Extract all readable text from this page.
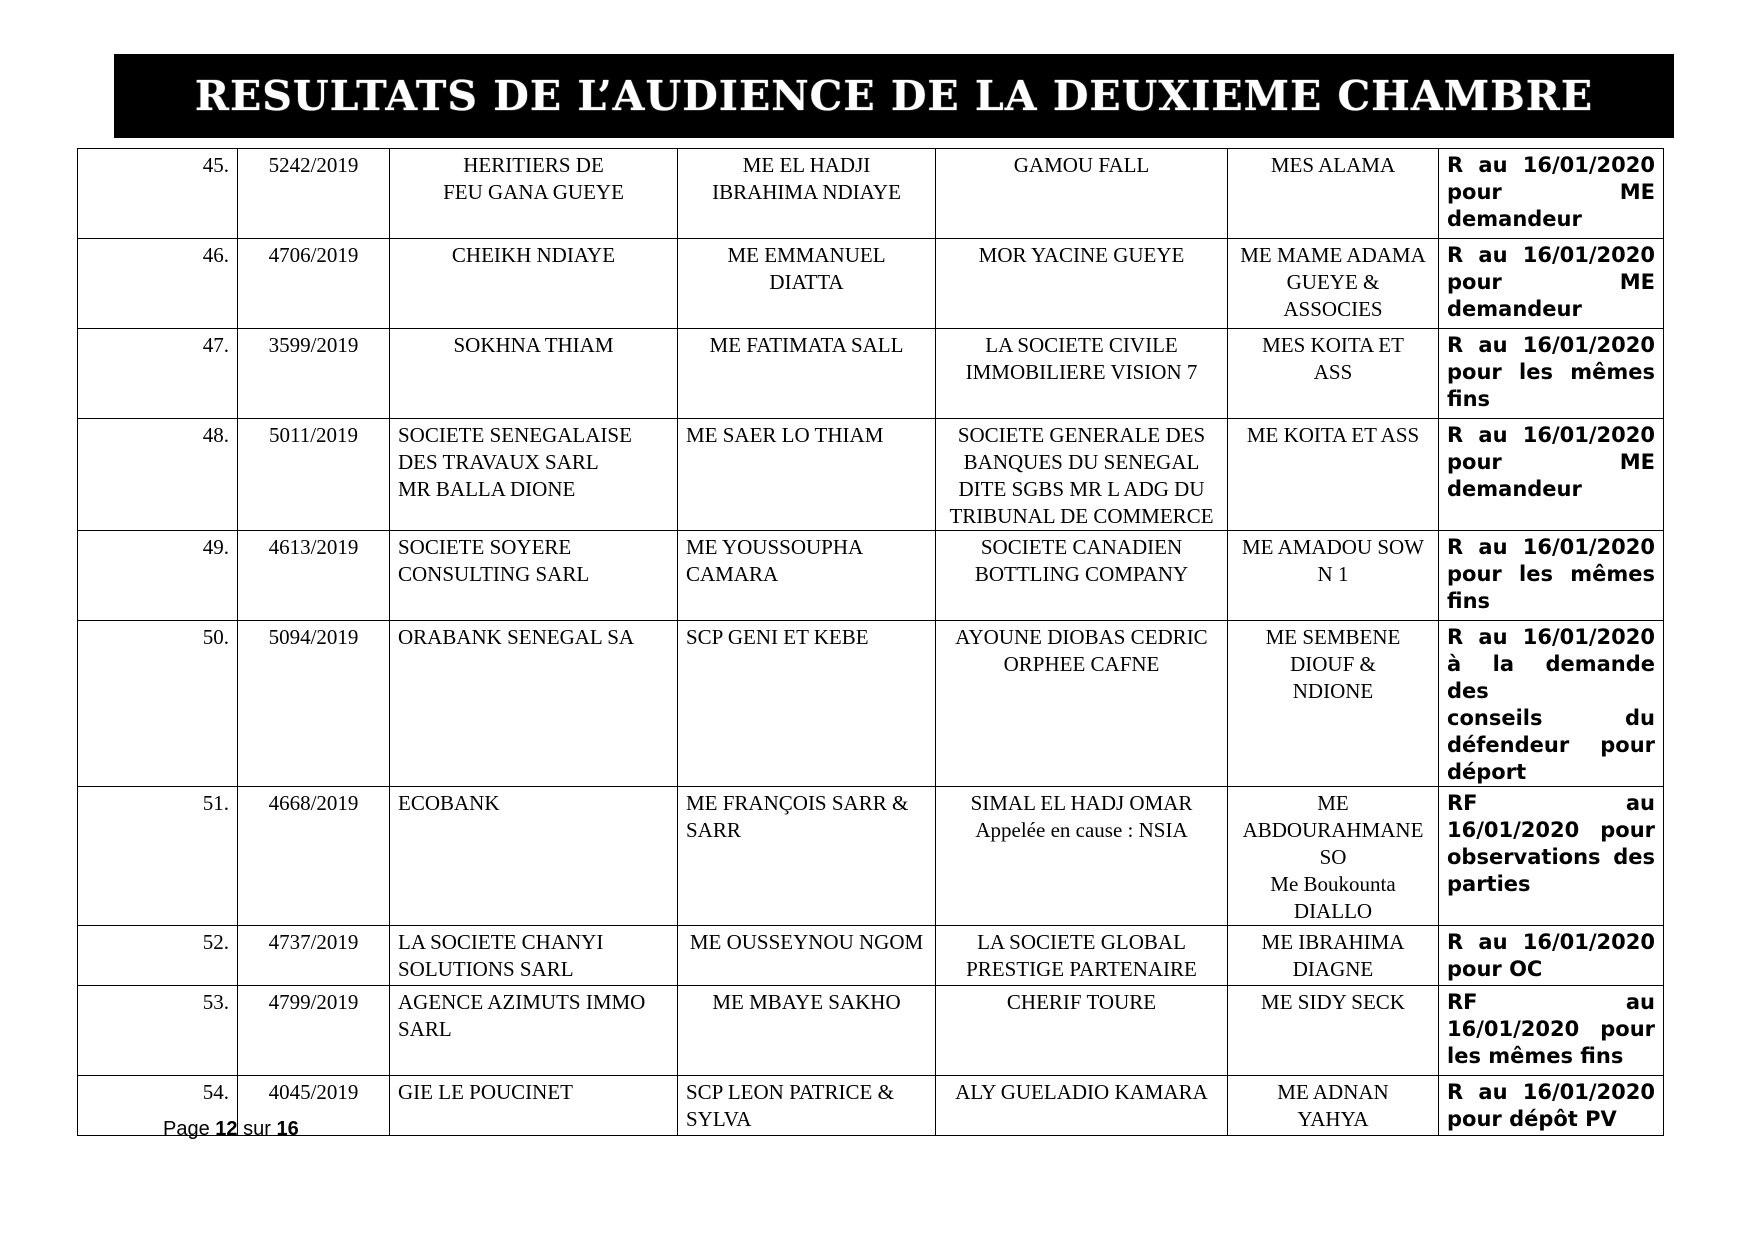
RESULTATS DE L’AUDIENCE DE LA DEUXIEME CHAMBRE
45.	5242/2019	HERITIERS DE
FEU GANA GUEYE	ME EL HADJI
IBRAHIMA NDIAYE	GAMOU FALL	MES ALAMA	R au 16/01/2020
pour ME
demandeur

46.	4706/2019	CHEIKH NDIAYE	ME EMMANUEL
DIATTA	MOR YACINE GUEYE	ME MAME ADAMA
GUEYE &
ASSOCIES	R au 16/01/2020
pour ME
demandeur

47.	3599/2019	SOKHNA THIAM	ME FATIMATA SALL	LA SOCIETE CIVILE
IMMOBILIERE VISION 7	MES KOITA ET
ASS	R au 16/01/2020
pour les mêmes
fins

48.	5011/2019	SOCIETE SENEGALAISE
DES TRAVAUX SARL
MR BALLA DIONE	ME SAER LO THIAM	SOCIETE GENERALE DES
BANQUES DU SENEGAL
DITE SGBS MR L ADG DU
TRIBUNAL DE COMMERCE	ME KOITA ET ASS	R au 16/01/2020
pour ME
demandeur

49.	4613/2019	SOCIETE SOYERE
CONSULTING SARL	ME YOUSSOUPHA
CAMARA	SOCIETE CANADIEN
BOTTLING COMPANY	ME AMADOU SOW
N 1	R au 16/01/2020
pour les mêmes
fins

50.	5094/2019	ORABANK SENEGAL SA	SCP GENI ET KEBE	AYOUNE DIOBAS CEDRIC
ORPHEE CAFNE	ME SEMBENE
DIOUF &
NDIONE	R au 16/01/2020
à la demande des
conseils du
défendeur pour
déport

51.	4668/2019	ECOBANK	ME FRANÇOIS SARR &
SARR	SIMAL EL HADJ OMAR
Appelée en cause : NSIA	ME
ABDOURAHMANE
SO
Me Boukounta
DIALLO	RF au
16/01/2020 pour
observations des
parties

52.	4737/2019	LA SOCIETE CHANYI
SOLUTIONS SARL	ME OUSSEYNOU NGOM	LA SOCIETE GLOBAL
PRESTIGE PARTENAIRE	ME IBRAHIMA
DIAGNE	R au 16/01/2020
pour OC

53.	4799/2019	AGENCE AZIMUTS IMMO
SARL	ME MBAYE SAKHO	CHERIF TOURE	ME SIDY SECK	RF au
16/01/2020 pour
les mêmes fins

54.	4045/2019	GIE LE POUCINET	SCP LEON PATRICE &
SYLVA	ALY GUELADIO KAMARA	ME ADNAN
YAHYA	R au 16/01/2020
pour dépôt PV
Page 12 sur 16
